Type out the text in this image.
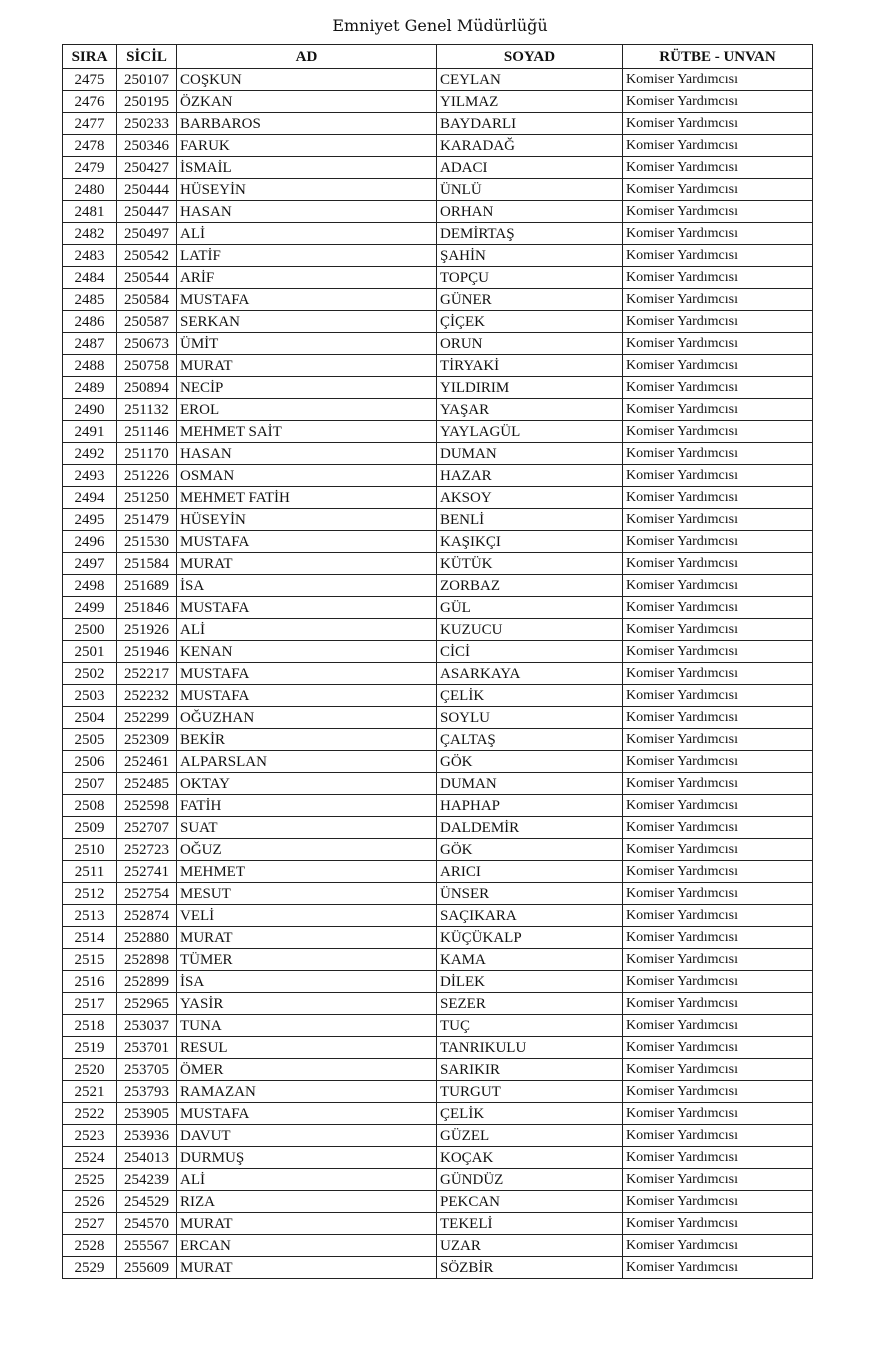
Emniyet Genel Müdürlüğü
SIRA	SİCİL	AD	SOYAD	RÜTBE - UNVAN
2475	250107	COŞKUN	CEYLAN	Komiser Yardımcısı
2476	250195	ÖZKAN	YILMAZ	Komiser Yardımcısı
2477	250233	BARBAROS	BAYDARLI	Komiser Yardımcısı
2478	250346	FARUK	KARADAĞ	Komiser Yardımcısı
2479	250427	İSMAİL	ADACI	Komiser Yardımcısı
2480	250444	HÜSEYİN	ÜNLÜ	Komiser Yardımcısı
2481	250447	HASAN	ORHAN	Komiser Yardımcısı
2482	250497	ALİ	DEMİRTAŞ	Komiser Yardımcısı
2483	250542	LATİF	ŞAHİN	Komiser Yardımcısı
2484	250544	ARİF	TOPÇU	Komiser Yardımcısı
2485	250584	MUSTAFA	GÜNER	Komiser Yardımcısı
2486	250587	SERKAN	ÇİÇEK	Komiser Yardımcısı
2487	250673	ÜMİT	ORUN	Komiser Yardımcısı
2488	250758	MURAT	TİRYAKİ	Komiser Yardımcısı
2489	250894	NECİP	YILDIRIM	Komiser Yardımcısı
2490	251132	EROL	YAŞAR	Komiser Yardımcısı
2491	251146	MEHMET SAİT	YAYLAGÜL	Komiser Yardımcısı
2492	251170	HASAN	DUMAN	Komiser Yardımcısı
2493	251226	OSMAN	HAZAR	Komiser Yardımcısı
2494	251250	MEHMET FATİH	AKSOY	Komiser Yardımcısı
2495	251479	HÜSEYİN	BENLİ	Komiser Yardımcısı
2496	251530	MUSTAFA	KAŞIKÇI	Komiser Yardımcısı
2497	251584	MURAT	KÜTÜK	Komiser Yardımcısı
2498	251689	İSA	ZORBAZ	Komiser Yardımcısı
2499	251846	MUSTAFA	GÜL	Komiser Yardımcısı
2500	251926	ALİ	KUZUCU	Komiser Yardımcısı
2501	251946	KENAN	CİCİ	Komiser Yardımcısı
2502	252217	MUSTAFA	ASARKAYA	Komiser Yardımcısı
2503	252232	MUSTAFA	ÇELİK	Komiser Yardımcısı
2504	252299	OĞUZHAN	SOYLU	Komiser Yardımcısı
2505	252309	BEKİR	ÇALTAŞ	Komiser Yardımcısı
2506	252461	ALPARSLAN	GÖK	Komiser Yardımcısı
2507	252485	OKTAY	DUMAN	Komiser Yardımcısı
2508	252598	FATİH	HAPHAP	Komiser Yardımcısı
2509	252707	SUAT	DALDEMİR	Komiser Yardımcısı
2510	252723	OĞUZ	GÖK	Komiser Yardımcısı
2511	252741	MEHMET	ARICI	Komiser Yardımcısı
2512	252754	MESUT	ÜNSER	Komiser Yardımcısı
2513	252874	VELİ	SAÇIKARA	Komiser Yardımcısı
2514	252880	MURAT	KÜÇÜKALP	Komiser Yardımcısı
2515	252898	TÜMER	KAMA	Komiser Yardımcısı
2516	252899	İSA	DİLEK	Komiser Yardımcısı
2517	252965	YASİR	SEZER	Komiser Yardımcısı
2518	253037	TUNA	TUÇ	Komiser Yardımcısı
2519	253701	RESUL	TANRIKULU	Komiser Yardımcısı
2520	253705	ÖMER	SARIKIR	Komiser Yardımcısı
2521	253793	RAMAZAN	TURGUT	Komiser Yardımcısı
2522	253905	MUSTAFA	ÇELİK	Komiser Yardımcısı
2523	253936	DAVUT	GÜZEL	Komiser Yardımcısı
2524	254013	DURMUŞ	KOÇAK	Komiser Yardımcısı
2525	254239	ALİ	GÜNDÜZ	Komiser Yardımcısı
2526	254529	RIZA	PEKCAN	Komiser Yardımcısı
2527	254570	MURAT	TEKELİ	Komiser Yardımcısı
2528	255567	ERCAN	UZAR	Komiser Yardımcısı
2529	255609	MURAT	SÖZBİR	Komiser Yardımcısı
